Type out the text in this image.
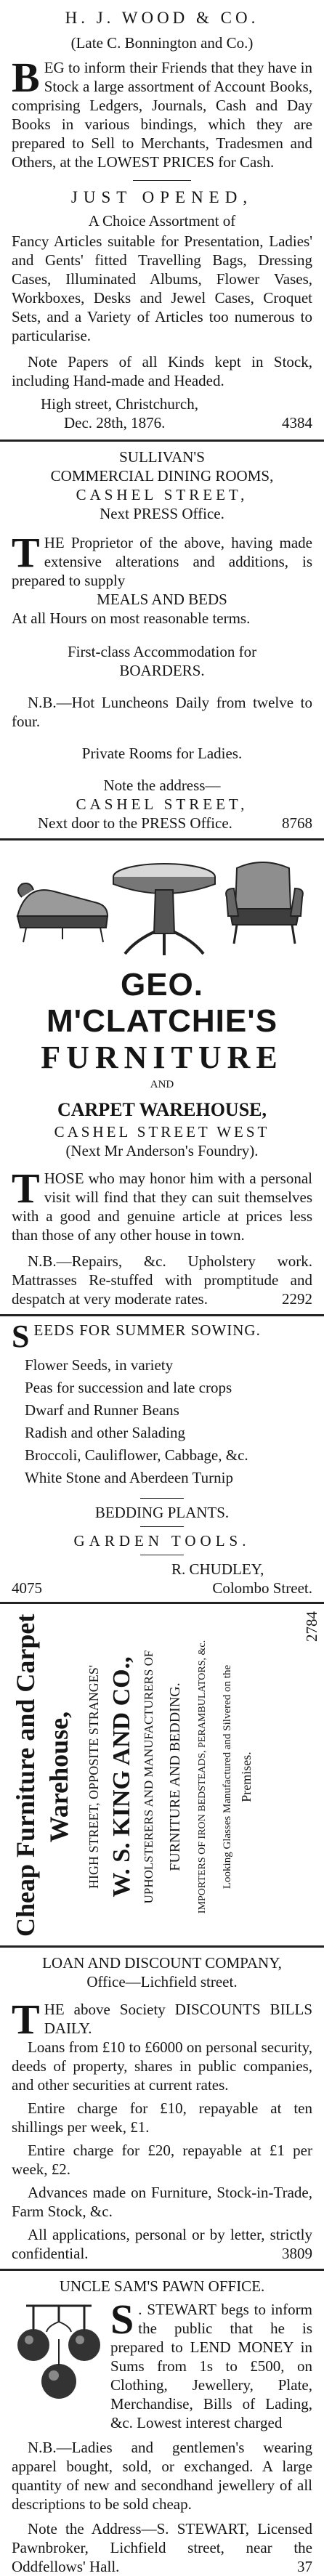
H. J. WOOD & CO.

(Late C. Bonnington and Co.)

B EG to inform their Friends that they have in Stock a large assortment of Account Books, comprising Ledgers, Journals, Cash and Day Books in various bindings, which they are prepared to Sell to Merchants, Tradesmen and Others, at the LOWEST PRICES for Cash.

JUST OPENED,

A Choice Assortment of

Fancy Articles suitable for Presentation, Ladies' and Gents' fitted Travelling Bags, Dressing Cases, Illuminated Albums, Flower Vases, Workboxes, Desks and Jewel Cases, Croquet Sets, and a Variety of Articles too numerous to particularise.

Note Papers of all Kinds kept in Stock, including Hand-made and Headed.

High street, Christchurch,

Dec. 28th, 1876.	4384

SULLIVAN'S

COMMERCIAL DINING ROOMS,

CASHEL STREET,

Next PRESS Office.

T HE Proprietor of the above, having made extensive alterations and additions, is prepared to supply

MEALS AND BEDS

At all Hours on most reasonable terms.

First-class Accommodation for

BOARDERS.

N.B.—Hot Luncheons Daily from twelve to four.

Private Rooms for Ladies.

Note the address—

CASHEL STREET,

Next door to the PRESS Office.	8768

GEO. M'CLATCHIE'S

FURNITURE

AND

CARPET WAREHOUSE,

CASHEL STREET WEST

(Next Mr Anderson's Foundry).

T HOSE who may honor him with a personal visit will find that they can suit themselves with a good and genuine article at prices less than those of any other house in town.

N.B.—Repairs, &c. Upholstery work. Mattrasses Re-stuffed with promptitude and despatch at very moderate rates.	2292

S EEDS FOR SUMMER SOWING.

Flower Seeds, in variety

Peas for succession and late crops

Dwarf and Runner Beans

Radish and other Salading

Broccoli, Cauliflower, Cabbage, &c.

White Stone and Aberdeen Turnip

BEDDING PLANTS.

GARDEN TOOLS.

R. CHUDLEY,

4075	Colombo Street.

Cheap Furniture and Carpet Warehouse,	HIGH STREET, OPPOSITE STRANGES' W. S. KING AND CO., UPHOLSTERERS AND MANUFACTURERS OF FURNITURE AND BEDDING.	IMPORTERS OF IRON BEDSTEADS, PERAMBULATORS, &c.	Looking Glasses Manufactured and Silvered on the Premises.

2784

LOAN AND DISCOUNT COMPANY,

Office—Lichfield street.

T HE above Society DISCOUNTS BILLS DAILY.

Loans from £10 to £6000 on personal security, deeds of property, shares in public companies, and other securities at current rates.

Entire charge for £10, repayable at ten shillings per week, £1.

Entire charge for £20, repayable at £1 per week, £2.

Advances made on Furniture, Stock-in-Trade, Farm Stock, &c.

All applications, personal or by letter, strictly confidential.	3809

UNCLE SAM'S PAWN OFFICE.

S . STEWART begs to inform the public that he is prepared to LEND MONEY in Sums from 1s to £500, on Clothing, Jewellery, Plate, Merchandise, Bills of Lading, &c. Lowest interest charged

N.B.—Ladies and gentlemen's wearing apparel bought, sold, or exchanged. A large quantity of new and secondhand jewellery of all descriptions to be sold cheap.

Note the Address—S. STEWART, Licensed Pawnbroker, Lichfield street, near the Oddfellows' Hall.	37
